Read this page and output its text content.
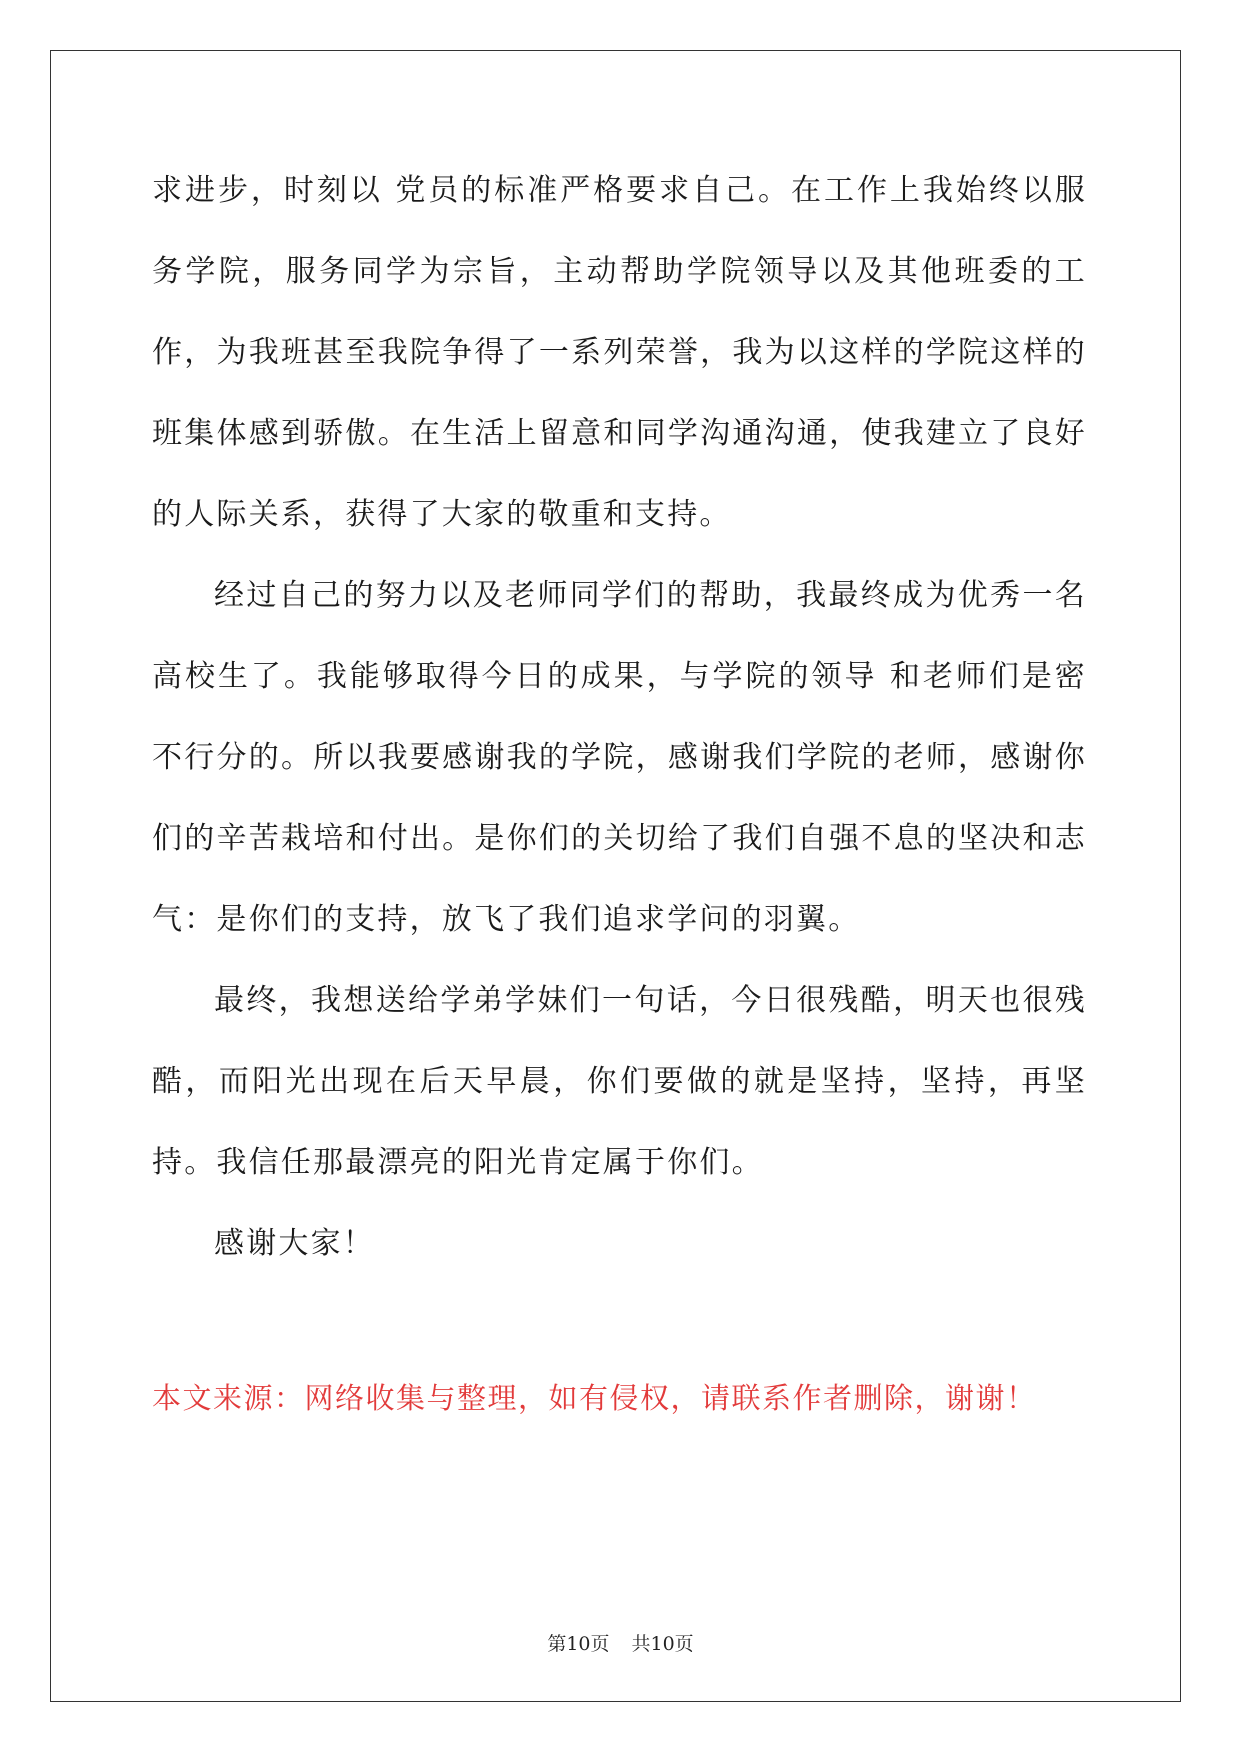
求进步，时刻以 党员的标准严格要求自己。在工作上我始终以服务学院，服务同学为宗旨，主动帮助学院领导以及其他班委的工作，为我班甚至我院争得了一系列荣誉，我为以这样的学院这样的班集体感到骄傲。在生活上留意和同学沟通沟通，使我建立了良好的人际关系，获得了大家的敬重和支持。

经过自己的努力以及老师同学们的帮助，我最终成为优秀一名高校生了。我能够取得今日的成果，与学院的领导 和老师们是密不行分的。所以我要感谢我的学院，感谢我们学院的老师，感谢你们的辛苦栽培和付出。是你们的关切给了我们自强不息的坚决和志气：是你们的支持，放飞了我们追求学问的羽翼。

最终，我想送给学弟学妹们一句话，今日很残酷，明天也很残酷，而阳光出现在后天早晨，你们要做的就是坚持，坚持，再坚持。我信任那最漂亮的阳光肯定属于你们。

感谢大家！

本文来源：网络收集与整理，如有侵权，请联系作者删除，谢谢！

第10页 共10页
